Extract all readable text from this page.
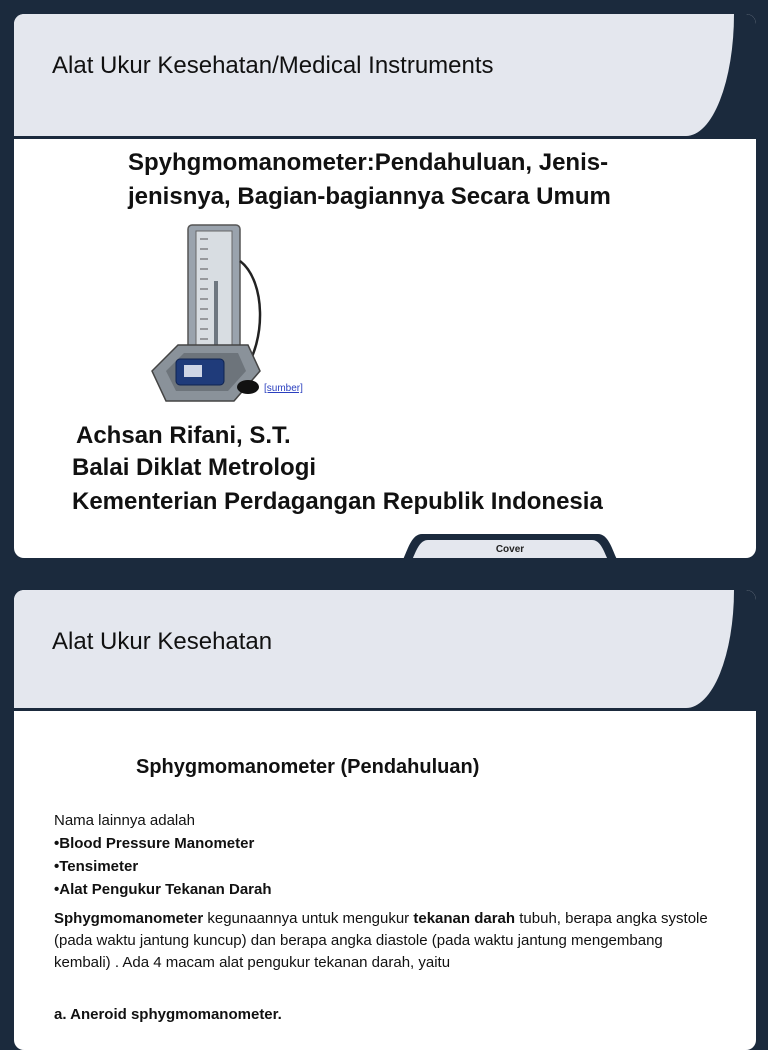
Alat Ukur Kesehatan/Medical Instruments
Spyhgmomanometer:Pendahuluan, Jenis-jenisnya, Bagian-bagiannya Secara Umum
[sumber]

Achsan Rifani, S.T.

Balai Diklat Metrologi

Kementerian Perdagangan Republik Indonesia

Cover
Alat Ukur Kesehatan
Sphygmomanometer (Pendahuluan)

Nama lainnya adalah

•Blood Pressure Manometer

•Tensimeter

•Alat Pengukur Tekanan Darah

Sphygmomanometer kegunaannya untuk mengukur tekanan darah tubuh, berapa angka systole (pada waktu jantung kuncup) dan berapa angka diastole (pada waktu jantung mengembang kembali) . Ada 4 macam alat pengukur tekanan darah, yaitu

a. Aneroid sphygmomanometer.
